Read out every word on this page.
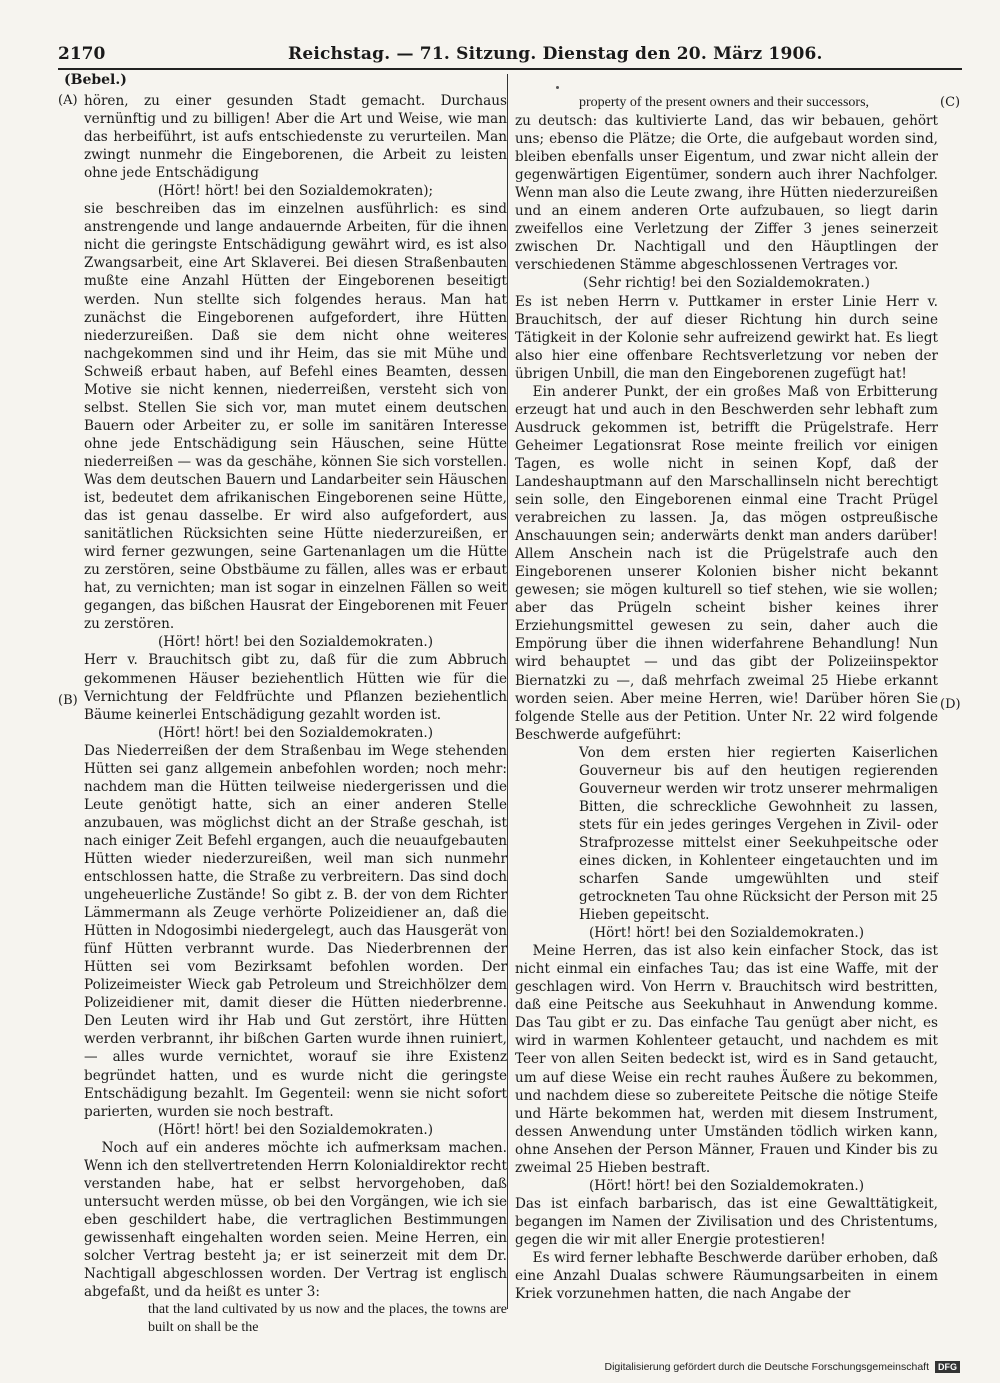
2170	Reichstag. — 71. Sitzung. Dienstag den 20. März 1906.
(Bebel.)
(A)
(B)
(C)
(D)

hören, zu einer gesunden Stadt gemacht. Durchaus vernünftig und zu billigen! Aber die Art und Weise, wie man das herbeiführt, ist aufs entschiedenste zu verurteilen. Man zwingt nunmehr die Eingeborenen, die Arbeit zu leisten ohne jede Entschädigung

(Hört! hört! bei den Sozialdemokraten);

sie beschreiben das im einzelnen ausführlich: es sind anstrengende und lange andauernde Arbeiten, für die ihnen nicht die geringste Entschädigung gewährt wird, es ist also Zwangsarbeit, eine Art Sklaverei. Bei diesen Straßenbauten mußte eine Anzahl Hütten der Eingeborenen beseitigt werden. Nun stellte sich folgendes heraus. Man hat zunächst die Eingeborenen aufgefordert, ihre Hütten niederzureißen. Daß sie dem nicht ohne weiteres nachgekommen sind und ihr Heim, das sie mit Mühe und Schweiß erbaut haben, auf Befehl eines Beamten, dessen Motive sie nicht kennen, niederreißen, versteht sich von selbst. Stellen Sie sich vor, man mutet einem deutschen Bauern oder Arbeiter zu, er solle im sanitären Interesse ohne jede Entschädigung sein Häuschen, seine Hütte niederreißen — was da geschähe, können Sie sich vorstellen. Was dem deutschen Bauern und Landarbeiter sein Häuschen ist, bedeutet dem afrikanischen Eingeborenen seine Hütte, das ist genau dasselbe. Er wird also aufgefordert, aus sanitätlichen Rücksichten seine Hütte niederzureißen, er wird ferner gezwungen, seine Gartenanlagen um die Hütte zu zerstören, seine Obstbäume zu fällen, alles was er erbaut hat, zu vernichten; man ist sogar in einzelnen Fällen so weit gegangen, das bißchen Hausrat der Eingeborenen mit Feuer zu zerstören.

(Hört! hört! bei den Sozialdemokraten.)

Herr v. Brauchitsch gibt zu, daß für die zum Abbruch gekommenen Häuser beziehentlich Hütten wie für die Vernichtung der Feldfrüchte und Pflanzen beziehentlich Bäume keinerlei Entschädigung gezahlt worden ist.

(Hört! hört! bei den Sozialdemokraten.)

Das Niederreißen der dem Straßenbau im Wege stehenden Hütten sei ganz allgemein anbefohlen worden; noch mehr: nachdem man die Hütten teilweise niedergerissen und die Leute genötigt hatte, sich an einer anderen Stelle anzubauen, was möglichst dicht an der Straße geschah, ist nach einiger Zeit Befehl ergangen, auch die neuaufgebauten Hütten wieder niederzureißen, weil man sich nunmehr entschlossen hatte, die Straße zu verbreitern. Das sind doch ungeheuerliche Zustände! So gibt z. B. der von dem Richter Lämmermann als Zeuge verhörte Polizeidiener an, daß die Hütten in Ndogosimbi niedergelegt, auch das Hausgerät von fünf Hütten verbrannt wurde. Das Niederbrennen der Hütten sei vom Bezirksamt befohlen worden. Der Polizeimeister Wieck gab Petroleum und Streichhölzer dem Polizeidiener mit, damit dieser die Hütten niederbrenne. Den Leuten wird ihr Hab und Gut zerstört, ihre Hütten werden verbrannt, ihr bißchen Garten wurde ihnen ruiniert, — alles wurde vernichtet, worauf sie ihre Existenz begründet hatten, und es wurde nicht die geringste Entschädigung bezahlt. Im Gegenteil: wenn sie nicht sofort parierten, wurden sie noch bestraft.

(Hört! hört! bei den Sozialdemokraten.)

Noch auf ein anderes möchte ich aufmerksam machen. Wenn ich den stellvertretenden Herrn Kolonialdirektor recht verstanden habe, hat er selbst hervorgehoben, daß untersucht werden müsse, ob bei den Vorgängen, wie ich sie eben geschildert habe, die vertraglichen Bestimmungen gewissenhaft eingehalten worden seien. Meine Herren, ein solcher Vertrag besteht ja; er ist seinerzeit mit dem Dr. Nachtigall abgeschlossen worden. Der Vertrag ist englisch abgefaßt, und da heißt es unter 3:

that the land cultivated by us now and the places, the towns are built on shall be the

property of the present owners and their successors,

zu deutsch: das kultivierte Land, das wir bebauen, gehört uns; ebenso die Plätze; die Orte, die aufgebaut worden sind, bleiben ebenfalls unser Eigentum, und zwar nicht allein der gegenwärtigen Eigentümer, sondern auch ihrer Nachfolger. Wenn man also die Leute zwang, ihre Hütten niederzureißen und an einem anderen Orte aufzubauen, so liegt darin zweifellos eine Verletzung der Ziffer 3 jenes seinerzeit zwischen Dr. Nachtigall und den Häuptlingen der verschiedenen Stämme abgeschlossenen Vertrages vor.

(Sehr richtig! bei den Sozialdemokraten.)

Es ist neben Herrn v. Puttkamer in erster Linie Herr v. Brauchitsch, der auf dieser Richtung hin durch seine Tätigkeit in der Kolonie sehr aufreizend gewirkt hat. Es liegt also hier eine offenbare Rechtsverletzung vor neben der übrigen Unbill, die man den Eingeborenen zugefügt hat!

Ein anderer Punkt, der ein großes Maß von Erbitterung erzeugt hat und auch in den Beschwerden sehr lebhaft zum Ausdruck gekommen ist, betrifft die Prügelstrafe. Herr Geheimer Legationsrat Rose meinte freilich vor einigen Tagen, es wolle nicht in seinen Kopf, daß der Landeshauptmann auf den Marschallinseln nicht berechtigt sein solle, den Eingeborenen einmal eine Tracht Prügel verabreichen zu lassen. Ja, das mögen ostpreußische Anschauungen sein; anderwärts denkt man anders darüber! Allem Anschein nach ist die Prügelstrafe auch den Eingeborenen unserer Kolonien bisher nicht bekannt gewesen; sie mögen kulturell so tief stehen, wie sie wollen; aber das Prügeln scheint bisher keines ihrer Erziehungsmittel gewesen zu sein, daher auch die Empörung über die ihnen widerfahrene Behandlung! Nun wird behauptet — und das gibt der Polizeiinspektor Biernatzki zu —, daß mehrfach zweimal 25 Hiebe erkannt worden seien. Aber meine Herren, wie! Darüber hören Sie folgende Stelle aus der Petition. Unter Nr. 22 wird folgende Beschwerde aufgeführt:

Von dem ersten hier regierten Kaiserlichen Gouverneur bis auf den heutigen regierenden Gouverneur werden wir trotz unserer mehrmaligen Bitten, die schreckliche Gewohnheit zu lassen, stets für ein jedes geringes Vergehen in Zivil- oder Strafprozesse mittelst einer Seekuhpeitsche oder eines dicken, in Kohlenteer eingetauchten und im scharfen Sande umgewühlten und steif getrockneten Tau ohne Rücksicht der Person mit 25 Hieben gepeitscht.

(Hört! hört! bei den Sozialdemokraten.)

Meine Herren, das ist also kein einfacher Stock, das ist nicht einmal ein einfaches Tau; das ist eine Waffe, mit der geschlagen wird. Von Herrn v. Brauchitsch wird bestritten, daß eine Peitsche aus Seekuhhaut in Anwendung komme. Das Tau gibt er zu. Das einfache Tau genügt aber nicht, es wird in warmen Kohlenteer getaucht, und nachdem es mit Teer von allen Seiten bedeckt ist, wird es in Sand getaucht, um auf diese Weise ein recht rauhes Äußere zu bekommen, und nachdem diese so zubereitete Peitsche die nötige Steife und Härte bekommen hat, werden mit diesem Instrument, dessen Anwendung unter Umständen tödlich wirken kann, ohne Ansehen der Person Männer, Frauen und Kinder bis zu zweimal 25 Hieben bestraft.

(Hört! hört! bei den Sozialdemokraten.)

Das ist einfach barbarisch, das ist eine Gewalttätigkeit, begangen im Namen der Zivilisation und des Christentums, gegen die wir mit aller Energie protestieren!

Es wird ferner lebhafte Beschwerde darüber erhoben, daß eine Anzahl Dualas schwere Räumungsarbeiten in einem Kriek vorzunehmen hatten, die nach Angabe der

Digitalisierung gefördert durch die Deutsche Forschungsgemeinschaft	DFG
